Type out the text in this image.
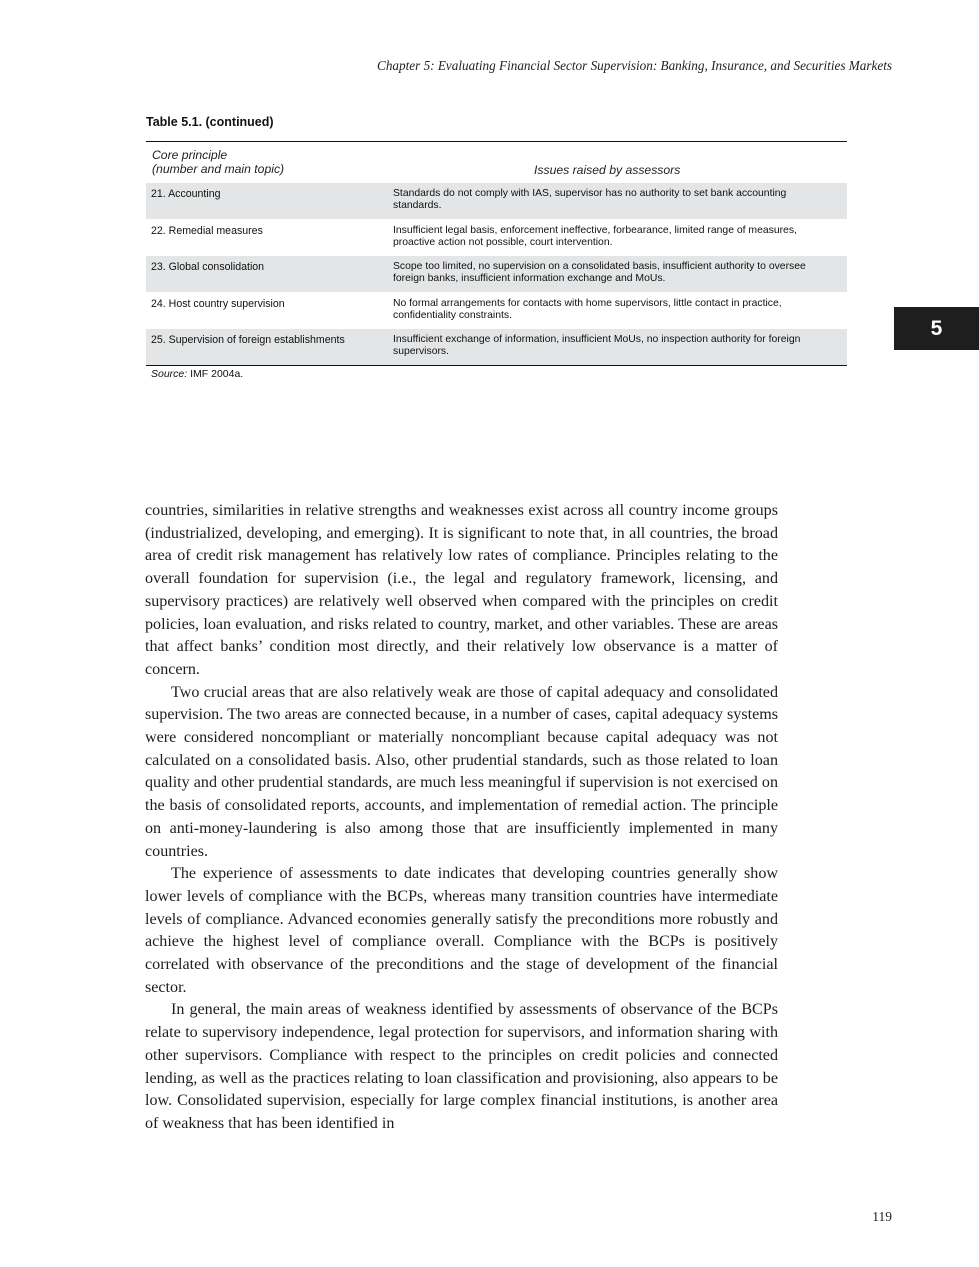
Chapter 5: Evaluating Financial Sector Supervision: Banking, Insurance, and Securities Markets
Table 5.1. (continued)
Core principle
(number and main topic)	Issues raised by assessors
21. Accounting	Standards do not comply with IAS, supervisor has no authority to set bank accounting standards.
22. Remedial measures	Insufficient legal basis, enforcement ineffective, forbearance, limited range of measures, proactive action not possible, court intervention.
23. Global consolidation	Scope too limited, no supervision on a consolidated basis, insufficient authority to oversee foreign banks, insufficient information exchange and MoUs.
24. Host country supervision	No formal arrangements for contacts with home supervisors, little contact in practice, confidentiality constraints.
25. Supervision of foreign establishments	Insufficient exchange of information, insufficient MoUs, no inspection authority for foreign supervisors.
Source: IMF 2004a.
5

countries, similarities in relative strengths and weaknesses exist across all country income groups (industrialized, developing, and emerging). It is significant to note that, in all countries, the broad area of credit risk management has relatively low rates of compliance. Principles relating to the overall foundation for supervision (i.e., the legal and regulatory framework, licensing, and supervisory practices) are relatively well observed when compared with the principles on credit policies, loan evaluation, and risks related to country, market, and other variables. These are areas that affect banks’ condition most directly, and their relatively low observance is a matter of concern.

Two crucial areas that are also relatively weak are those of capital adequacy and consolidated supervision. The two areas are connected because, in a number of cases, capital adequacy systems were considered noncompliant or materially noncompliant because capital adequacy was not calculated on a consolidated basis. Also, other prudential standards, such as those related to loan quality and other prudential standards, are much less meaningful if supervision is not exercised on the basis of consolidated reports, accounts, and implementation of remedial action. The principle on anti-money-laundering is also among those that are insufficiently implemented in many countries.

The experience of assessments to date indicates that developing countries generally show lower levels of compliance with the BCPs, whereas many transition countries have intermediate levels of compliance. Advanced economies generally satisfy the preconditions more robustly and achieve the highest level of compliance overall. Compliance with the BCPs is positively correlated with observance of the preconditions and the stage of development of the financial sector.

In general, the main areas of weakness identified by assessments of observance of the BCPs relate to supervisory independence, legal protection for supervisors, and information sharing with other supervisors. Compliance with respect to the principles on credit policies and connected lending, as well as the practices relating to loan classification and provisioning, also appears to be low. Consolidated supervision, especially for large complex financial institutions, is another area of weakness that has been identified in

119
